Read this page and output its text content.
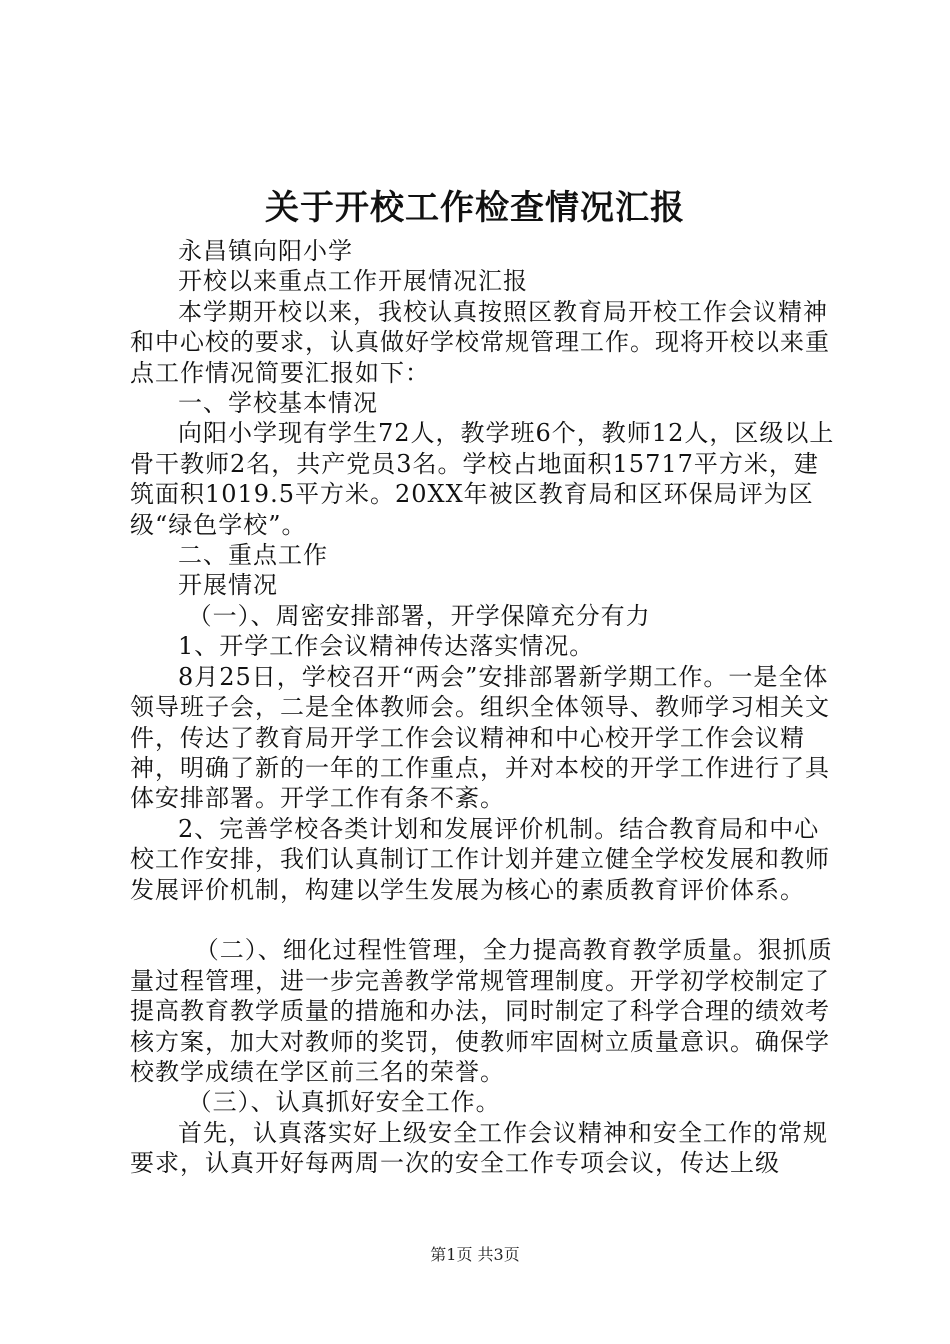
关于开校工作检查情况汇报

永昌镇向阳小学

开校以来重点工作开展情况汇报

本学期开校以来，我校认真按照区教育局开校工作会议精神和中心校的要求，认真做好学校常规管理工作。现将开校以来重点工作情况简要汇报如下：

一、学校基本情况

向阳小学现有学生72人，教学班6个，教师12人，区级以上骨干教师2名，共产党员3名。学校占地面积15717平方米，建筑面积1019.5平方米。20XX年被区教育局和区环保局评为区级“绿色学校”。

二、重点工作

开展情况

（一）、周密安排部署，开学保障充分有力

1、开学工作会议精神传达落实情况。

8月25日，学校召开“两会”安排部署新学期工作。一是全体领导班子会，二是全体教师会。组织全体领导、教师学习相关文件，传达了教育局开学工作会议精神和中心校开学工作会议精神，明确了新的一年的工作重点，并对本校的开学工作进行了具体安排部署。开学工作有条不紊。

2、完善学校各类计划和发展评价机制。结合教育局和中心校工作安排，我们认真制订工作计划并建立健全学校发展和教师发展评价机制，构建以学生发展为核心的素质教育评价体系。

（二）、细化过程性管理，全力提高教育教学质量。狠抓质量过程管理，进一步完善教学常规管理制度。开学初学校制定了提高教育教学质量的措施和办法，同时制定了科学合理的绩效考核方案，加大对教师的奖罚，使教师牢固树立质量意识。确保学校教学成绩在学区前三名的荣誉。

（三）、认真抓好安全工作。

首先，认真落实好上级安全工作会议精神和安全工作的常规要求，认真开好每两周一次的安全工作专项会议，传达上级

第1页 共3页
